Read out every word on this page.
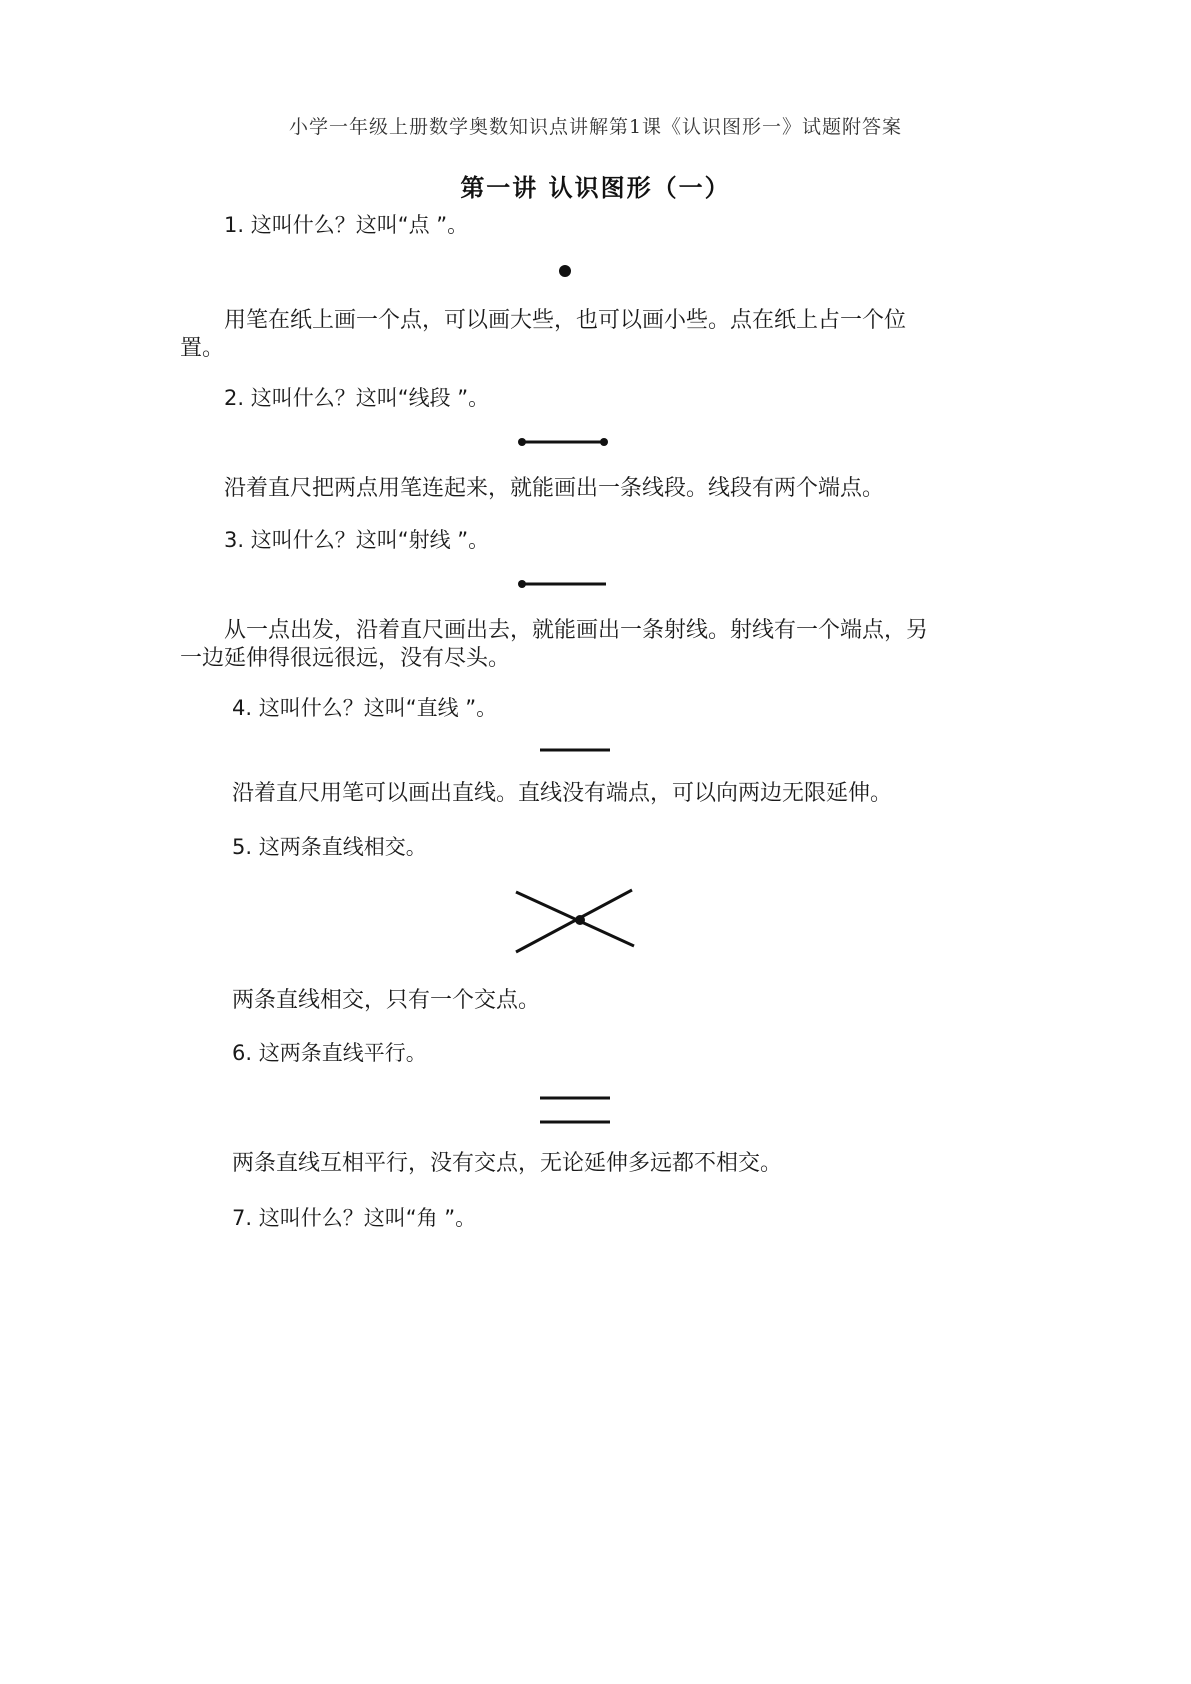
小学一年级上册数学奥数知识点讲解第1课《认识图形一》试题附答案
第一讲 认识图形（一）
1. 这叫什么？这叫“点 ”。
用笔在纸上画一个点，可以画大些，也可以画小些。点在纸上占一个位
置。
2. 这叫什么？这叫“线段 ”。
沿着直尺把两点用笔连起来，就能画出一条线段。线段有两个端点。
3. 这叫什么？这叫“射线 ”。
从一点出发，沿着直尺画出去，就能画出一条射线。射线有一个端点，另
一边延伸得很远很远，没有尽头。
4. 这叫什么？这叫“直线 ”。
沿着直尺用笔可以画出直线。直线没有端点，可以向两边无限延伸。
5. 这两条直线相交。
两条直线相交，只有一个交点。
6. 这两条直线平行。
两条直线互相平行，没有交点，无论延伸多远都不相交。
7. 这叫什么？这叫“角 ”。
